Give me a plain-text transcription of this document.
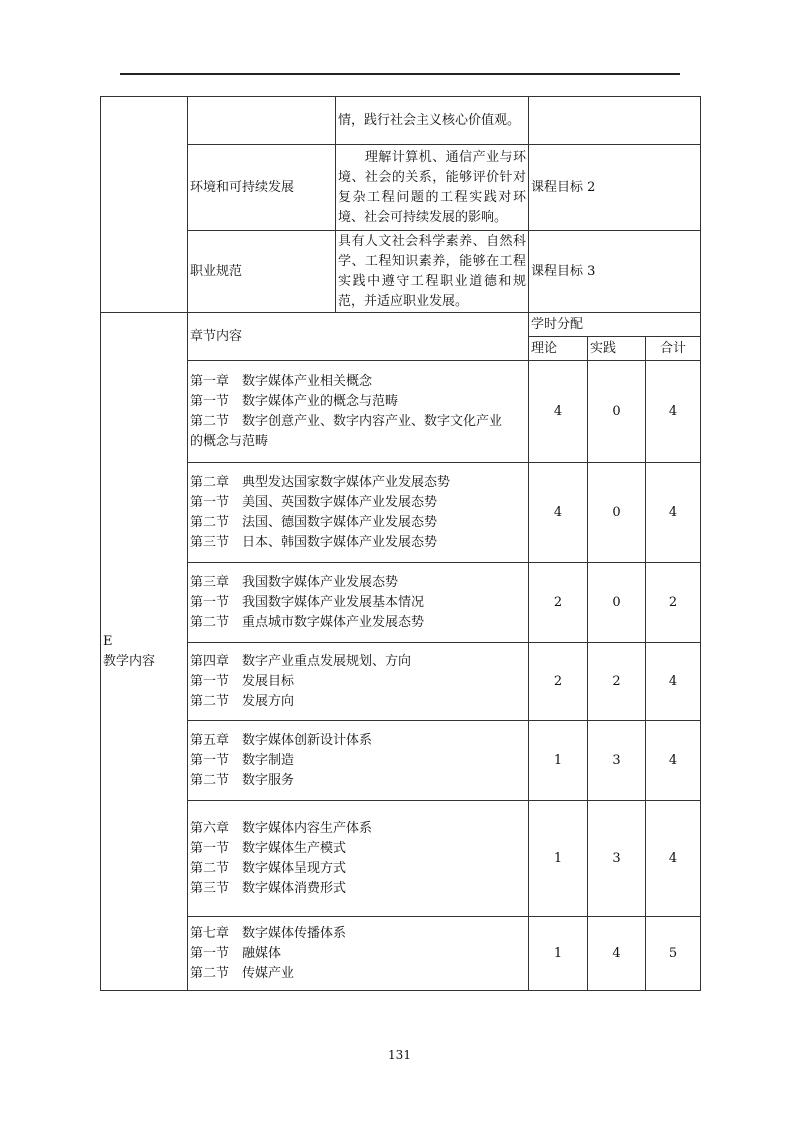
		情，践行社会主义核心价值观。			
	环境和可持续发展	　　理解计算机、通信产业与环境、社会的关系，能够评价针对复杂工程问题的工程实践对环境、社会可持续发展的影响。	课程目标 2		
	职业规范	具有人文社会科学素养、自然科学、工程知识素养，能够在工程实践中遵守工程职业道德和规范，并适应职业发展。	课程目标 3		

E
教学内容	章节内容		学时分配		
			理论	实践	合计

	第一章　数字媒体产业相关概念
第一节　数字媒体产业的概念与范畴
第二节　数字创意产业、数字内容产业、数字文化产业
的概念与范畴		4	0	4

	第二章　典型发达国家数字媒体产业发展态势
第一节　美国、英国数字媒体产业发展态势
第二节　法国、德国数字媒体产业发展态势
第三节　日本、韩国数字媒体产业发展态势		4	0	4

	第三章　我国数字媒体产业发展态势
第一节　我国数字媒体产业发展基本情况
第二节　重点城市数字媒体产业发展态势		2	0	2

	第四章　数字产业重点发展规划、方向
第一节　发展目标
第二节　发展方向		2	2	4

	第五章　数字媒体创新设计体系
第一节　数字制造
第二节　数字服务		1	3	4

	第六章　数字媒体内容生产体系
第一节　数字媒体生产模式
第二节　数字媒体呈现方式
第三节　数字媒体消费形式		1	3	4

	第七章　数字媒体传播体系
第一节　融媒体
第二节　传媒产业		1	4	5
131
